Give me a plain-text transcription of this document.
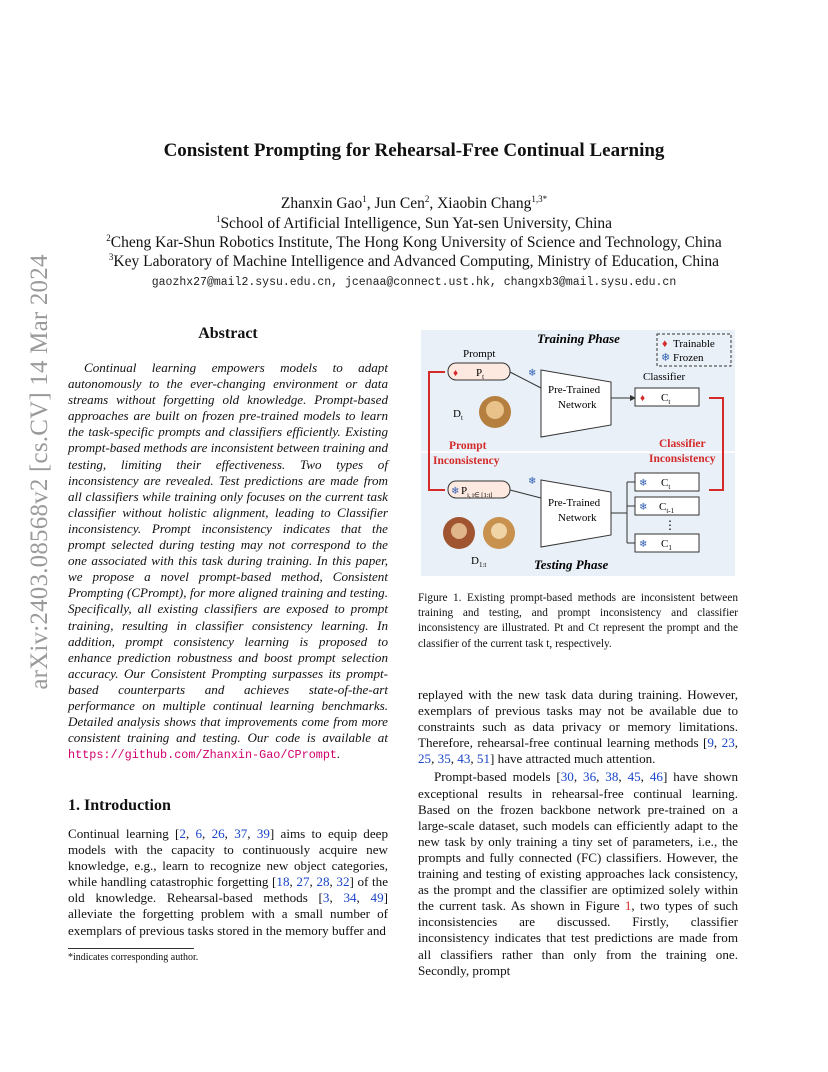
arXiv:2403.08568v2 [cs.CV] 14 Mar 2024
Consistent Prompting for Rehearsal-Free Continual Learning
Zhanxin Gao$^1$, Jun Cen$^2$, Xiaobin Chang$^{1,3*}$
$^1$School of Artificial Intelligence, Sun Yat-sen University, China
$^2$Cheng Kar-Shun Robotics Institute, The Hong Kong University of Science and Technology, China
$^3$Key Laboratory of Machine Intelligence and Advanced Computing, Ministry of Education, China
gaozhx27@mail2.sysu.edu.cn, jcenaa@connect.ust.hk, changxb3@mail.sysu.edu.cn
Abstract

Continual learning empowers models to adapt autonomously to the ever-changing environment or data streams without forgetting old knowledge. Prompt-based approaches are built on frozen pre-trained models to learn the task-specific prompts and classifiers efficiently. Existing prompt-based methods are inconsistent between training and testing, limiting their effectiveness. Two types of inconsistency are revealed. Test predictions are made from all classifiers while training only focuses on the current task classifier without holistic alignment, leading to Classifier inconsistency. Prompt inconsistency indicates that the prompt selected during testing may not correspond to the one associated with this task during training. In this paper, we propose a novel prompt-based method, Consistent Prompting (CPrompt), for more aligned training and testing. Specifically, all existing classifiers are exposed to prompt training, resulting in classifier consistency learning. In addition, prompt consistency learning is proposed to enhance prediction robustness and boost prompt selection accuracy. Our Consistent Prompting surpasses its prompt-based counterparts and achieves state-of-the-art performance on multiple continual learning benchmarks. Detailed analysis shows that improvements come from more consistent training and testing. Our code is available at https://github.com/Zhanxin-Gao/CPrompt.

1. Introduction

Continual learning [2, 6, 26, 37, 39] aims to equip deep models with the capacity to continuously acquire new knowledge, e.g., learn to recognize new object categories, while handling catastrophic forgetting [18, 27, 28, 32] of the old knowledge. Rehearsal-based methods [3, 34, 49] alleviate the forgetting problem with a small number of exemplars of previous tasks stored in the memory buffer and

*indicates corresponding author.
Training Phase
Testing Phase
♦ Trainable
❄ Frozen
Prompt
♦ $P_t$
$D_t$
❄
❄
Pre-Trained
Network
Classifier
♦ $C_t$
Prompt
Inconsistency
Classifier
Inconsistency
❄ $P_{i, i\in [1:t]}$
$D_{1:t}$
Pre-Trained
Network
❄ $C_t$
❄ $C_{t-1}$
⋮
❄ $C_1$
Figure 1. Existing prompt-based methods are inconsistent between training and testing, and prompt inconsistency and classifier inconsistency are illustrated. Pt and Ct represent the prompt and the classifier of the current task t, respectively.

replayed with the new task data during training. However, exemplars of previous tasks may not be available due to constraints such as data privacy or memory limitations. Therefore, rehearsal-free continual learning methods [9, 23, 25, 35, 43, 51] have attracted much attention.

Prompt-based models [30, 36, 38, 45, 46] have shown exceptional results in rehearsal-free continual learning. Based on the frozen backbone network pre-trained on a large-scale dataset, such models can efficiently adapt to the new task by only training a tiny set of parameters, i.e., the prompts and fully connected (FC) classifiers. However, the training and testing of existing approaches lack consistency, as the prompt and the classifier are optimized solely within the current task. As shown in Figure 1, two types of such inconsistencies are discussed. Firstly, classifier inconsistency indicates that test predictions are made from all classifiers rather than only from the training one. Secondly, prompt
